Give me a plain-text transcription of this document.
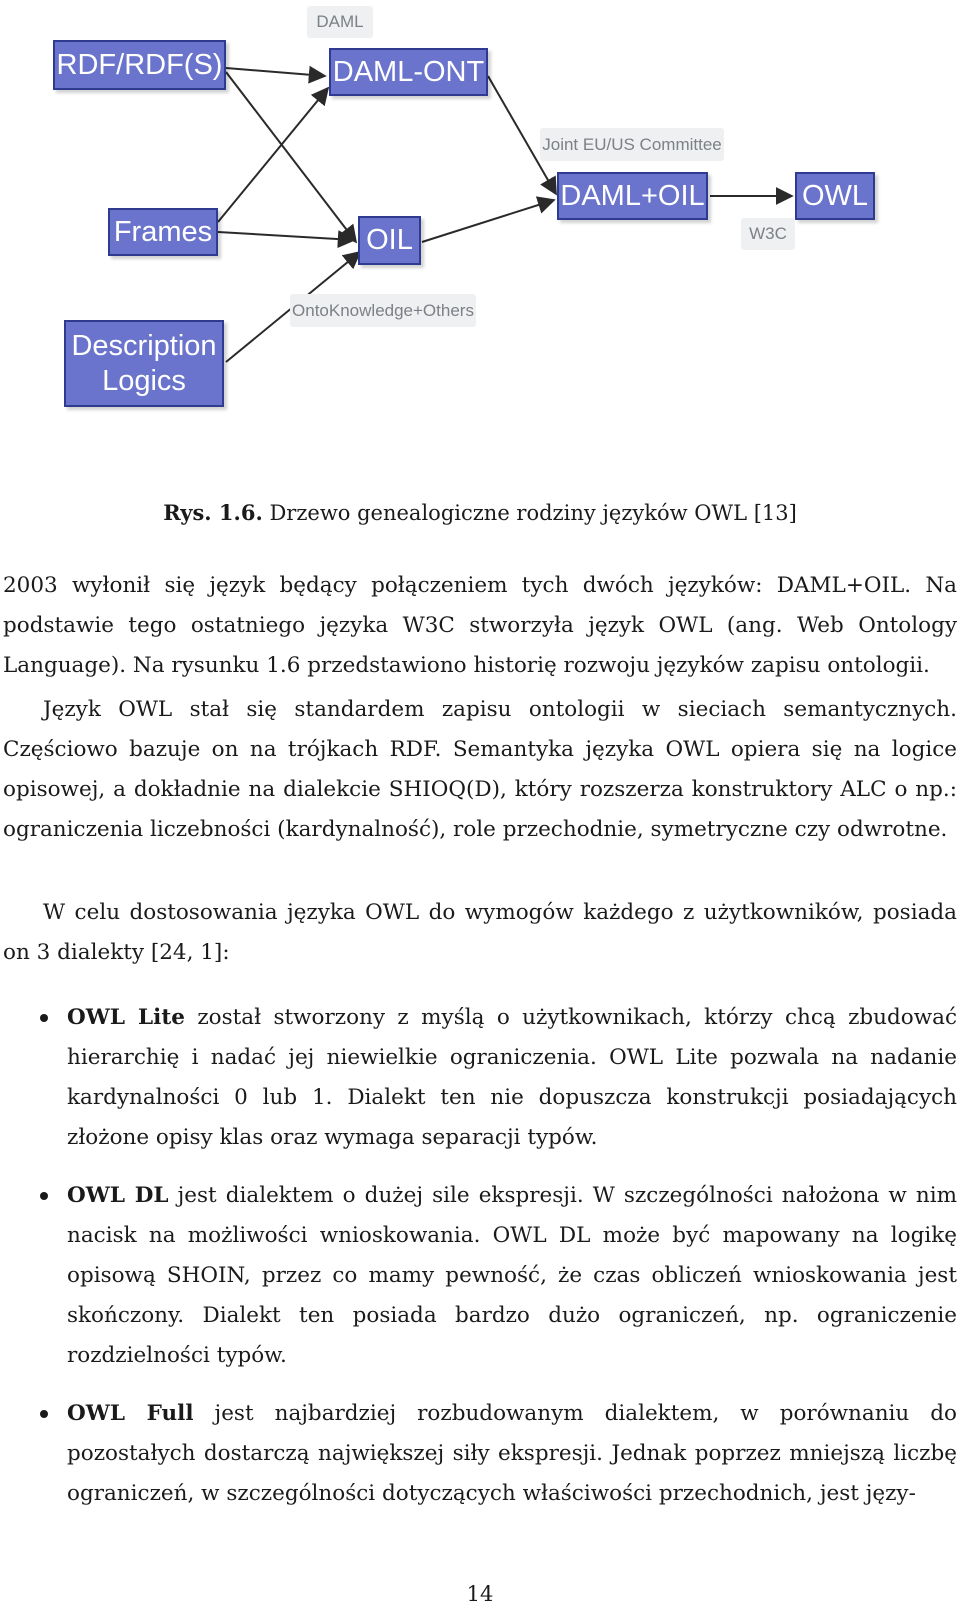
RDF/RDF(S)	DAML-ONT
Frames	OIL
Description
Logics
DAML+OIL	OWL
DAML
Joint EU/US Committee
W3C
OntoKnowledge+Others
Rys. 1.6. Drzewo genealogiczne rodziny języków OWL [13]

2003 wyłonił się język będący połączeniem tych dwóch języków: DAML+OIL. Na podstawie tego ostatniego języka W3C stworzyła język OWL (ang. Web Ontology Language). Na rysunku 1.6 przedstawiono historię rozwoju języków zapisu ontologii.

Język OWL stał się standardem zapisu ontologii w sieciach semantycznych. Częściowo bazuje on na trójkach RDF. Semantyka języka OWL opiera się na logice opisowej, a dokładnie na dialekcie SHIOQ(D), który rozszerza konstruktory ALC o np.: ograniczenia liczebności (kardynalność), role przechodnie, symetryczne czy odwrotne.

W celu dostosowania języka OWL do wymogów każdego z użytkowników, posiada on 3 dialekty [24, 1]:

OWL Lite został stworzony z myślą o użytkownikach, którzy chcą zbudować hierarchię i nadać jej niewielkie ograniczenia. OWL Lite pozwala na nadanie kardynalności 0 lub 1. Dialekt ten nie dopuszcza konstrukcji posiadających złożone opisy klas oraz wymaga separacji typów.

OWL DL jest dialektem o dużej sile ekspresji. W szczególności nałożona w nim nacisk na możliwości wnioskowania. OWL DL może być mapowany na logikę opisową SHOIN, przez co mamy pewność, że czas obliczeń wnioskowania jest skończony. Dialekt ten posiada bardzo dużo ograniczeń, np. ograniczenie rozdzielności typów.

OWL Full jest najbardziej rozbudowanym dialektem, w porównaniu do pozostałych dostarczą największej siły ekspresji. Jednak poprzez mniejszą liczbę ograniczeń, w szczególności dotyczących właściwości przechodnich, jest języ-

14
